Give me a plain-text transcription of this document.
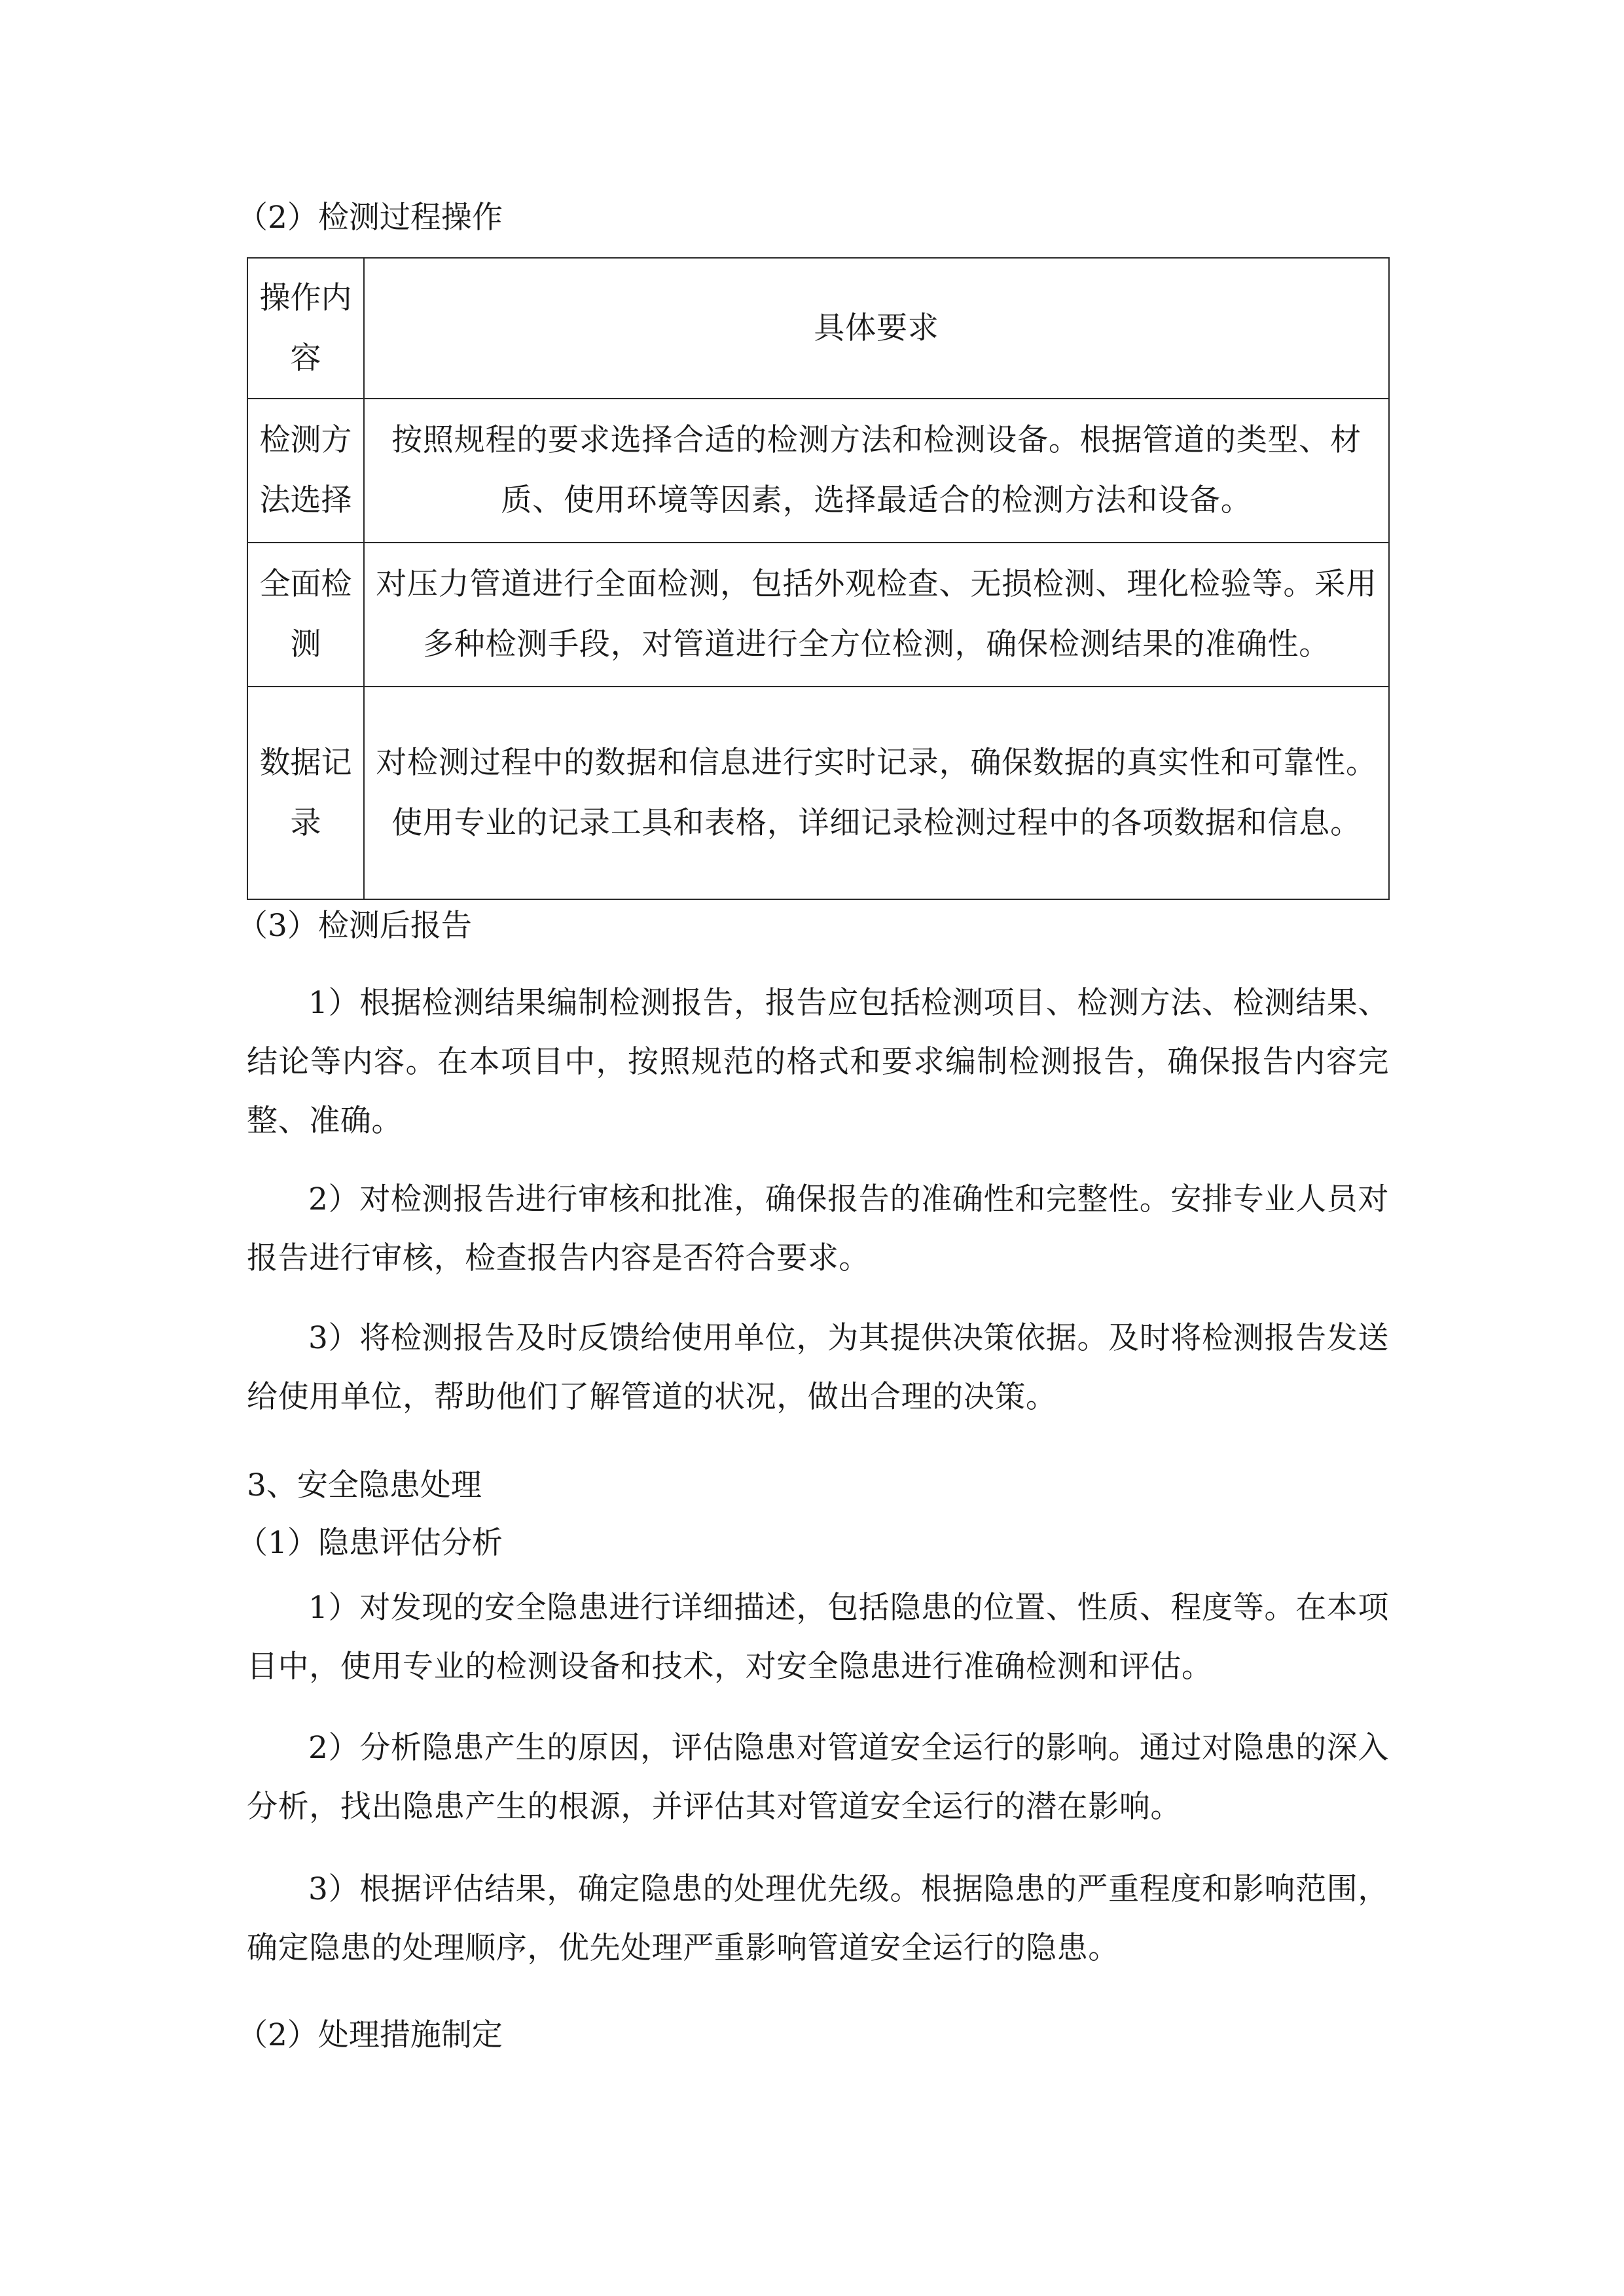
（2）检测过程操作
操作内容	具体要求
检测方法选择	按照规程的要求选择合适的检测方法和检测设备。根据管道的类型、材质、使用环境等因素，选择最适合的检测方法和设备。
全面检测	对压力管道进行全面检测，包括外观检查、无损检测、理化检验等。采用多种检测手段，对管道进行全方位检测，确保检测结果的准确性。
数据记录	对检测过程中的数据和信息进行实时记录，确保数据的真实性和可靠性。使用专业的记录工具和表格，详细记录检测过程中的各项数据和信息。
（3）检测后报告
1）根据检测结果编制检测报告，报告应包括检测项目、检测方法、检测结果、结论等内容。在本项目中，按照规范的格式和要求编制检测报告，确保报告内容完整、准确。
2）对检测报告进行审核和批准，确保报告的准确性和完整性。安排专业人员对报告进行审核，检查报告内容是否符合要求。
3）将检测报告及时反馈给使用单位，为其提供决策依据。及时将检测报告发送给使用单位，帮助他们了解管道的状况，做出合理的决策。
3、安全隐患处理
（1）隐患评估分析
1）对发现的安全隐患进行详细描述，包括隐患的位置、性质、程度等。在本项目中，使用专业的检测设备和技术，对安全隐患进行准确检测和评估。
2）分析隐患产生的原因，评估隐患对管道安全运行的影响。通过对隐患的深入分析，找出隐患产生的根源，并评估其对管道安全运行的潜在影响。
3）根据评估结果，确定隐患的处理优先级。根据隐患的严重程度和影响范围，确定隐患的处理顺序，优先处理严重影响管道安全运行的隐患。
（2）处理措施制定
